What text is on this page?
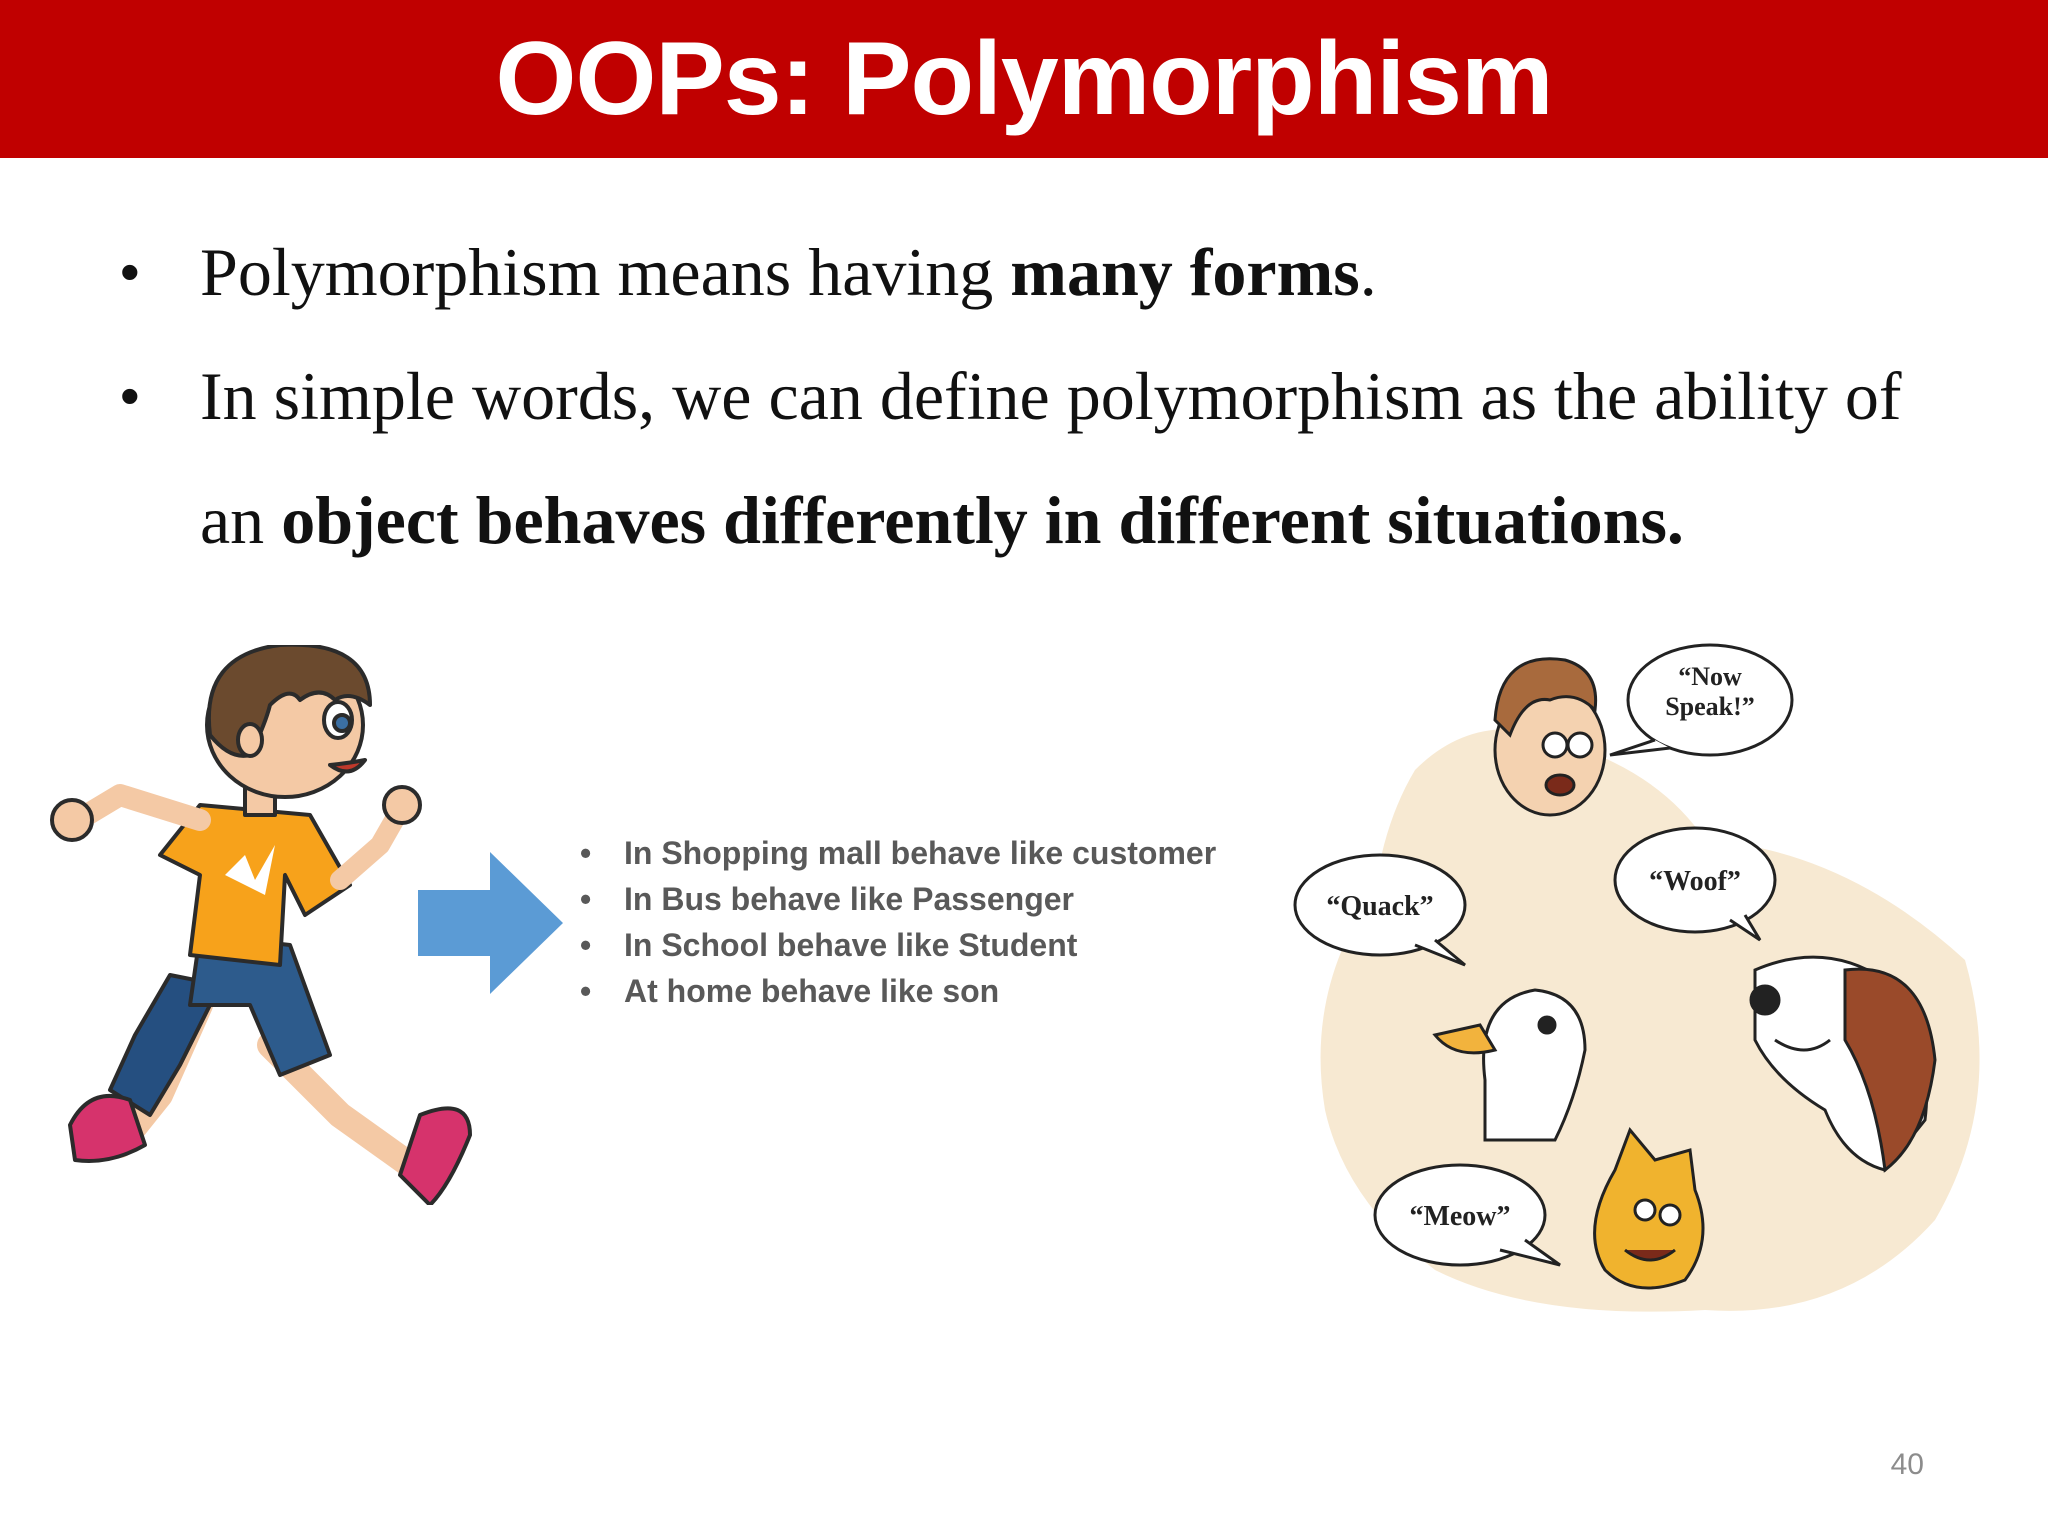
OOPs: Polymorphism
• Polymorphism means having many forms.
• In simple words, we can define polymorphism as the ability of
an object behaves differently in different situations.
• In Shopping mall behave like customer
• In Bus behave like Passenger
• In School behave like Student
• At home behave like son
“Now
Speak!”
“Quack”
“Woof”
“Meow”
40
